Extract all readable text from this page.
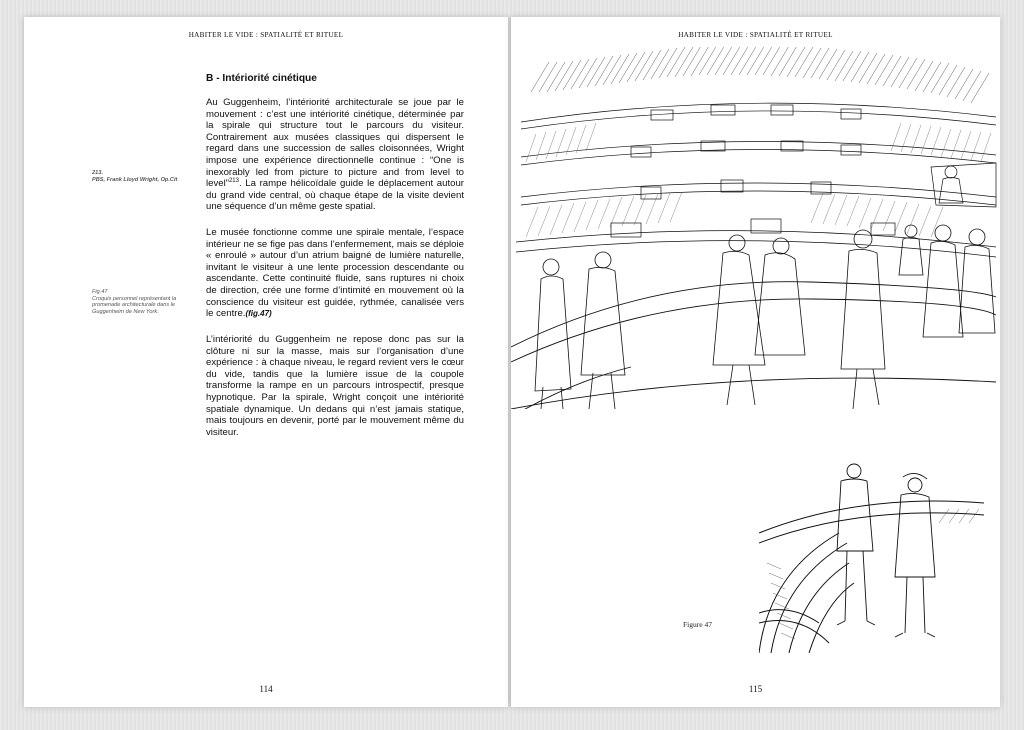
HABITER LE VIDE : SPATIALITÉ ET RITUEL
B - Intériorité cinétique

Au Guggenheim, l’intériorité architecturale se joue par le mouvement : c’est une intériorité cinétique, déterminée par la spirale qui structure tout le parcours du visiteur. Contrairement aux musées classiques qui dispersent le regard dans une succession de salles cloisonnées, Wright impose une expérience directionnelle continue : “One is inexorably led from picture to picture and from level to level”$^{213}$. La rampe hélicoïdale guide le déplacement autour du grand vide central, où chaque étape de la visite devient une séquence d’un même geste spatial.

Le musée fonctionne comme une spirale mentale, l’espace intérieur ne se fige pas dans l’enfermement, mais se déploie « enroulé » autour d’un atrium baigné de lumière naturelle, invitant le visiteur à une lente procession descendante ou ascendante. Cette continuité fluide, sans ruptures ni choix de direction, crée une forme d’intimité en mouvement où la conscience du visiteur est guidée, rythmée, canalisée vers le centre.(fig.47)

L’intériorité du Guggenheim ne repose donc pas sur la clôture ni sur la masse, mais sur l’organisation d’une expérience : à chaque niveau, le regard revient vers le cœur du vide, tandis que la lumière issue de la coupole transforme la rampe en un parcours introspectif, presque hypnotique. Par la spirale, Wright conçoit une intériorité spatiale dynamique. Un dedans qui n’est jamais statique, mais toujours en devenir, porté par le mouvement même du visiteur.

213.
PBS, Frank Lloyd Wright, Op.Cit
Fig.47
Croquis personnel représentant la promenade architecturale dans le Guggenheim de New York.
114
HABITER LE VIDE : SPATIALITÉ ET RITUEL
Figure 47
115
